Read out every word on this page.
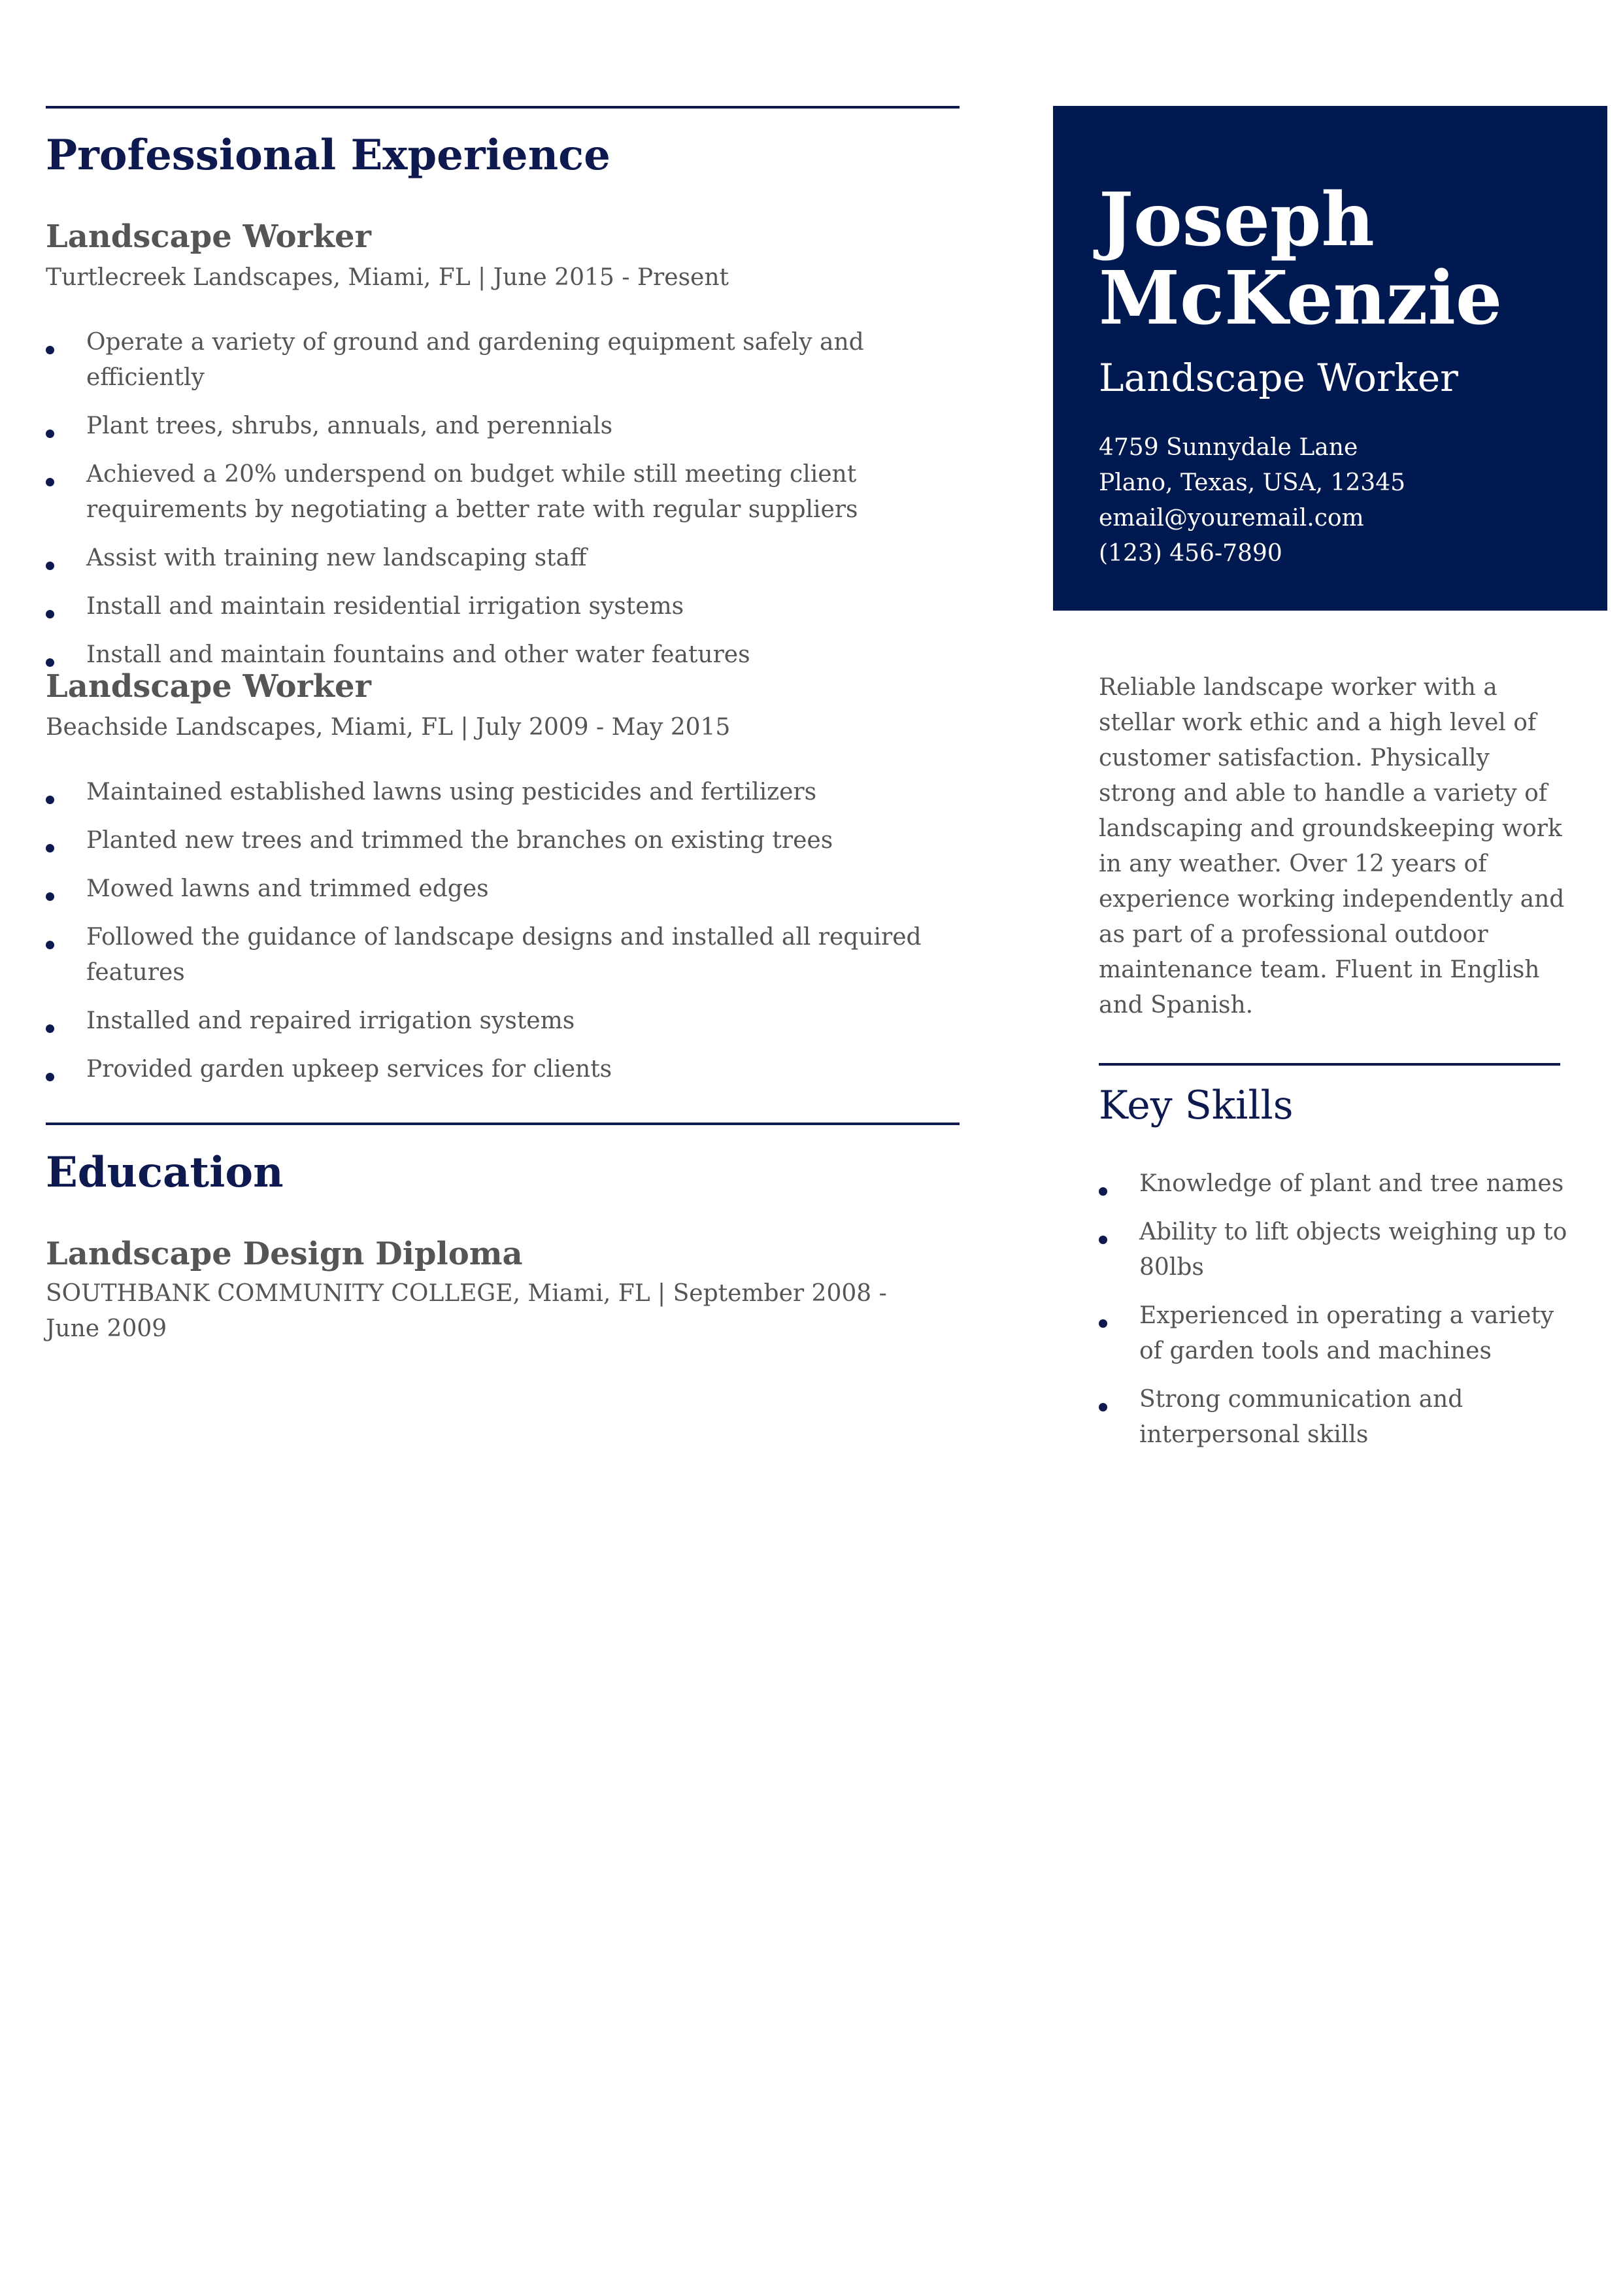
Professional Experience
Landscape Worker

Turtlecreek Landscapes, Miami, FL | June 2015 - Present

Operate a variety of ground and gardening equipment safely and efficiently
Plant trees, shrubs, annuals, and perennials
Achieved a 20% underspend on budget while still meeting client requirements by negotiating a better rate with regular suppliers
Assist with training new landscaping staff
Install and maintain residential irrigation systems
Install and maintain fountains and other water features
Landscape Worker

Beachside Landscapes, Miami, FL | July 2009 - May 2015

Maintained established lawns using pesticides and fertilizers
Planted new trees and trimmed the branches on existing trees
Mowed lawns and trimmed edges
Followed the guidance of landscape designs and installed all required features
Installed and repaired irrigation systems
Provided garden upkeep services for clients
Education
Landscape Design Diploma

SOUTHBANK COMMUNITY COLLEGE, Miami, FL | September 2008 - June 2009

Joseph
McKenzie

Landscape Worker

4759 Sunnydale Lane
Plano, Texas, USA, 12345
email@youremail.com
(123) 456-7890

Reliable landscape worker with a stellar work ethic and a high level of customer satisfaction. Physically strong and able to handle a variety of landscaping and groundskeeping work in any weather. Over 12 years of experience working independently and as part of a professional outdoor maintenance team. Fluent in English and Spanish.

Key Skills
Knowledge of plant and tree names
Ability to lift objects weighing up to 80lbs
Experienced in operating a variety of garden tools and machines
Strong communication and interpersonal skills
